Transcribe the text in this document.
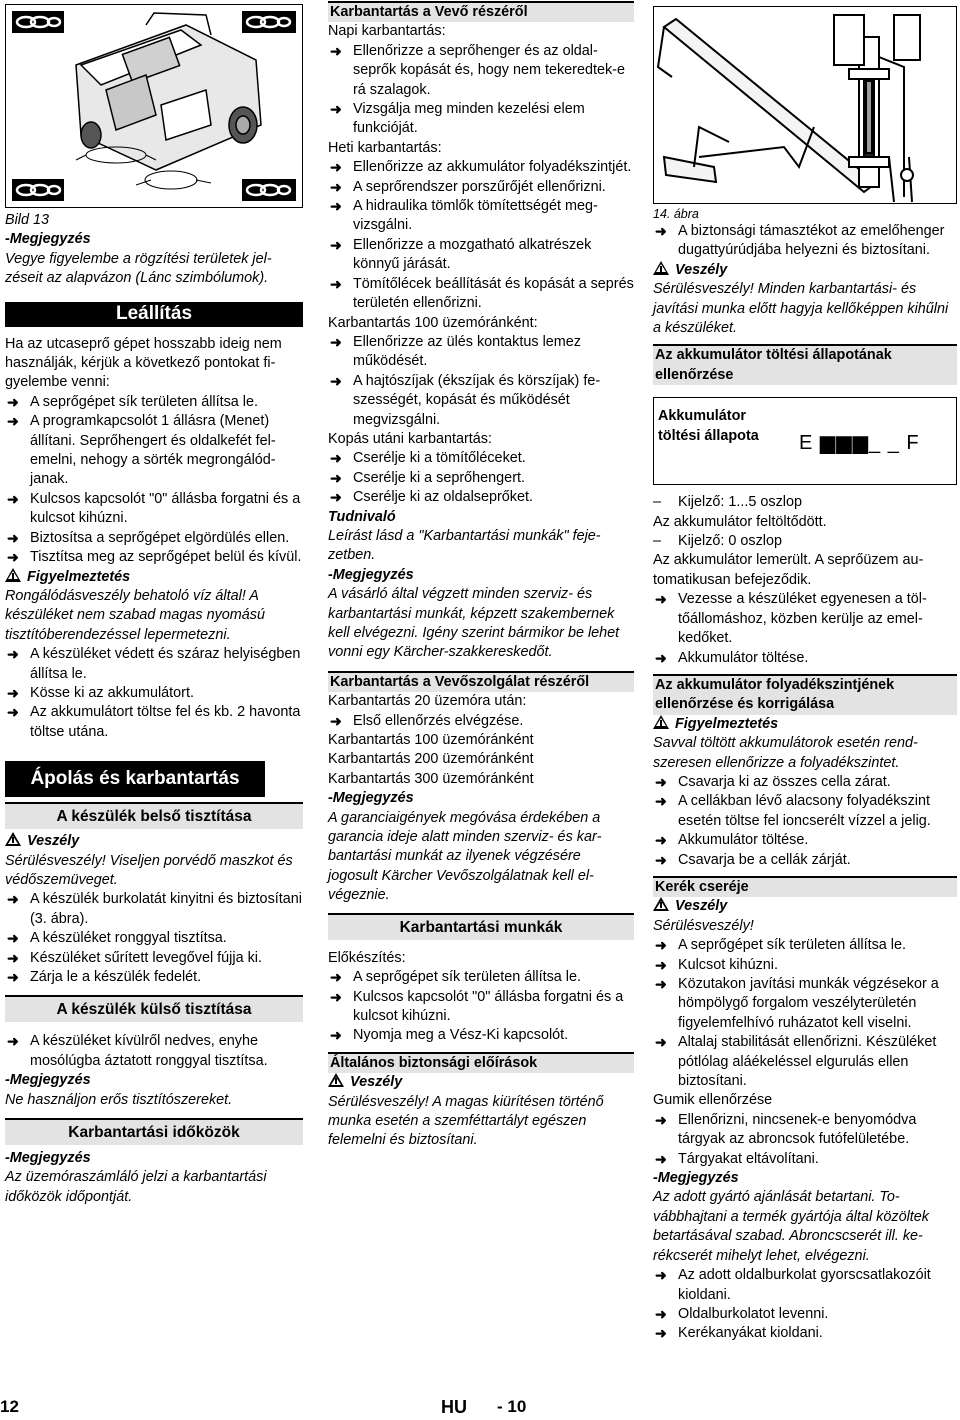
Bild 13

-Megjegyzés

Vegye figyelembe a rögzítési területek jelzéseit az alapvázon (Lánc szimbólumok).

Leállítás

Ha az utcaseprő gépet hosszabb ideig nem használják, kérjük a következő pontokat figyelembe venni:

➜ A seprőgépet sík területen állítsa le.
➜ A programkapcsolót 1 állásra (Menet) állítani. Seprőhengert és oldalkefét felemelni, nehogy a sörték megrongálódjanak.
➜ Kulcsos kapcsolót "0" állásba forgatni és a kulcsot kihúzni.
➜ Biztosítsa a seprőgépet elgördülés ellen.
➜ Tisztítsa meg az seprőgépet belül és kívül.
Figyelmeztetés

Rongálódásveszély behatoló víz által! A készüléket nem szabad magas nyomású tisztítóberendezéssel lepermetezni.

➜ A készüléket védett és száraz helyiségben állítsa le.
➜ Kösse ki az akkumulátort.
➜ Az akkumulátort töltse fel és kb. 2 havonta töltse utána.
Ápolás és karbantartás
A készülék belső tisztítása
Veszély

Sérülésveszély! Viseljen porvédő maszkot és védőszemüveget.

➜ A készülék burkolatát kinyitni és biztosítani (3. ábra).
➜ A készüléket ronggyal tisztítsa.
➜ Készüléket sűrített levegővel fújja ki.
➜ Zárja le a készülék fedelét.
A készülék külső tisztítása
➜ A készüléket kívülről nedves, enyhe mosólúgba áztatott ronggyal tisztítsa.

-Megjegyzés

Ne használjon erős tisztítószereket.

Karbantartási időközök

-Megjegyzés

Az üzemóraszámláló jelzi a karbantartási időközök időpontját.

Karbantartás a Vevő részéről

Napi karbantartás:

➜ Ellenőrizze a seprőhenger és az oldalseprők kopását és, hogy nem tekeredtek-e rá szalagok.
➜ Vizsgálja meg minden kezelési elem funkcióját.

Heti karbantartás:

➜ Ellenőrizze az akkumulátor folyadékszintjét.
➜ A seprőrendszer porszűrőjét ellenőrizni.
➜ A hidraulika tömlők tömítettségét megvizsgálni.
➜ Ellenőrizze a mozgatható alkatrészek könnyű járását.
➜ Tömítőlécek beállítását és kopását a seprés területén ellenőrizni.

Karbantartás 100 üzemóránként:

➜ Ellenőrizze az ülés kontaktus lemez működését.
➜ A hajtószíjak (ékszíjak és körszíjak) feszességét, kopását és működését megvizsgálni.

Kopás utáni karbantartás:

➜ Cserélje ki a tömítőléceket.
➜ Cserélje ki a seprőhengert.
➜ Cserélje ki az oldalseprőket.

Tudnivaló

Leírást lásd a "Karbantartási munkák" fejezetben.

-Megjegyzés

A vásárló által végzett minden szerviz- és karbantartási munkát, képzett szakembernek kell elvégezni. Igény szerint bármikor be lehet vonni egy Kärcher-szakkereskedőt.

Karbantartás a Vevőszolgálat részéről

Karbantartás 20 üzemóra után:

➜ Első ellenőrzés elvégzése.

Karbantartás 100 üzemóránként

Karbantartás 200 üzemóránként

Karbantartás 300 üzemóránként

-Megjegyzés

A garanciaigények megóvása érdekében a garancia ideje alatt minden szerviz- és karbantartási munkát az ilyenek végzésére jogosult Kärcher Vevőszolgálatnak kell elvégeznie.

Karbantartási munkák

Előkészítés:

➜ A seprőgépet sík területen állítsa le.
➜ Kulcsos kapcsolót "0" állásba forgatni és a kulcsot kihúzni.
➜ Nyomja meg a Vész-Ki kapcsolót.
Általános biztonsági előírások
Veszély

Sérülésveszély! A magas kiürítésen történő munka esetén a szemféttartályt egészen felemelni és biztosítani.

14. ábra

➜ A biztonsági támasztékot az emelőhenger dugattyúrúdjába helyezni és biztosítani.
Veszély

Sérülésveszély! Minden karbantartási- és javítási munka előtt hagyja kellőképpen kihűlni a készüléket.

Az akkumulátor töltési állapotának ellenőrzése
Akkumulátor töltési állapota	E ▆▆▆_ _ F
– Kijelző: 1...5 oszlop

Az akkumulátor feltöltődött.

– Kijelző: 0 oszlop

Az akkumulátor lemerült. A seprőüzem automatikusan befejeződik.

➜ Vezesse a készüléket egyenesen a töltőállomáshoz, közben kerülje az emelkedőket.
➜ Akkumulátor töltése.
Az akkumulátor folyadékszintjének ellenőrzése és korrigálása
Figyelmeztetés

Savval töltött akkumulátorok esetén rendszeresen ellenőrizze a folyadékszintet.

➜ Csavarja ki az összes cella zárat.
➜ A cellákban lévő alacsony folyadékszint esetén töltse fel ioncserélt vízzel a jelig.
➜ Akkumulátor töltése.
➜ Csavarja be a cellák zárját.
Kerék cseréje
Veszély

Sérülésveszély!

➜ A seprőgépet sík területen állítsa le.
➜ Kulcsot kihúzni.
➜ Közutakon javítási munkák végzésekor a hömpölygő forgalom veszélyterületén figyelemfelhívó ruházatot kell viselni.
➜ Altalaj stabilitását ellenőrizni. Készüléket pótlólag aláékeléssel elgurulás ellen biztosítani.

Gumik ellenőrzése

➜ Ellenőrizni, nincsenek-e benyomódva tárgyak az abroncsok futófelületébe.
➜ Tárgyakat eltávolítani.

-Megjegyzés

Az adott gyártó ajánlását betartani. Továbbhajtani a termék gyártója által közöltek betartásával szabad. Abroncscserét ill. kerékcserét mihelyt lehet, elvégezni.

➜ Az adott oldalburkolat gyorscsatlakozóit kioldani.
➜ Oldalburkolatot levenni.
➜ Kerékanyákat kioldani.
12	HU - 10
